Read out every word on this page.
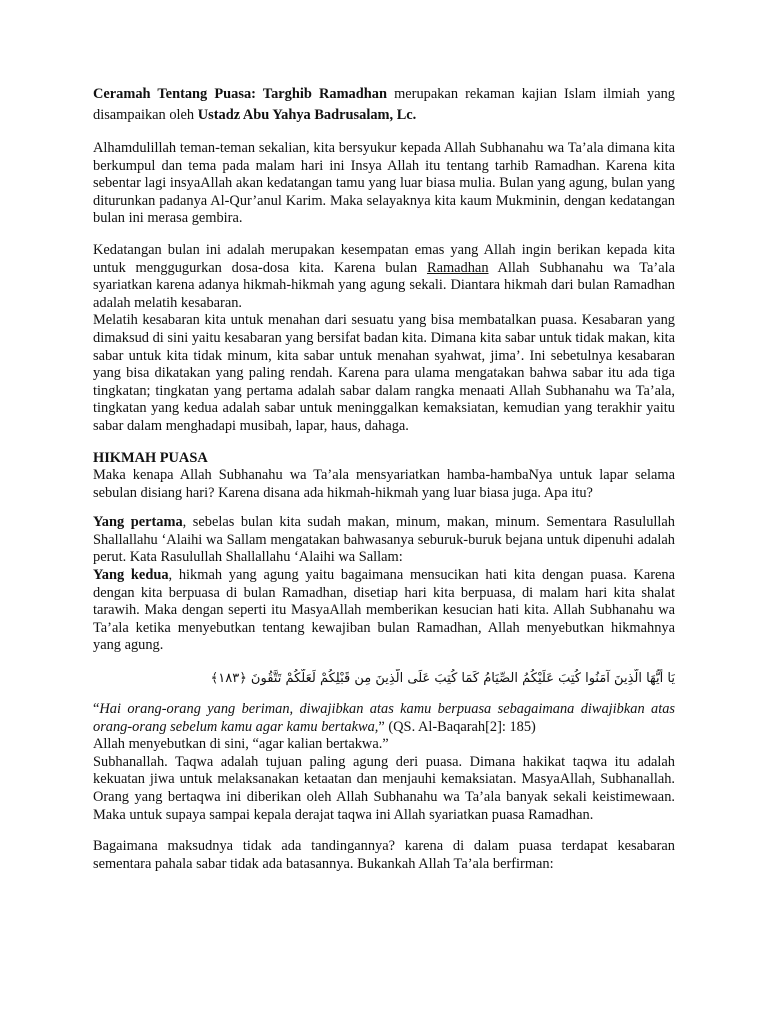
Ceramah Tentang Puasa: Targhib Ramadhan merupakan rekaman kajian Islam ilmiah yang disampaikan oleh Ustadz Abu Yahya Badrusalam, Lc.

Alhamdulillah teman-teman sekalian, kita bersyukur kepada Allah Subhanahu wa Ta’ala dimana kita berkumpul dan tema pada malam hari ini Insya Allah itu tentang tarhib Ramadhan. Karena kita sebentar lagi insyaAllah akan kedatangan tamu yang luar biasa mulia. Bulan yang agung, bulan yang diturunkan padanya Al-Qur’anul Karim. Maka selayaknya kita kaum Mukminin, dengan kedatangan bulan ini merasa gembira.

Kedatangan bulan ini adalah merupakan kesempatan emas yang Allah ingin berikan kepada kita untuk menggugurkan dosa-dosa kita. Karena bulan Ramadhan Allah Subhanahu wa Ta’ala syariatkan karena adanya hikmah-hikmah yang agung sekali. Diantara hikmah dari bulan Ramadhan adalah melatih kesabaran.

Melatih kesabaran kita untuk menahan dari sesuatu yang bisa membatalkan puasa. Kesabaran yang dimaksud di sini yaitu kesabaran yang bersifat badan kita. Dimana kita sabar untuk tidak makan, kita sabar untuk kita tidak minum, kita sabar untuk menahan syahwat, jima’. Ini sebetulnya kesabaran yang bisa dikatakan yang paling rendah. Karena para ulama mengatakan bahwa sabar itu ada tiga tingkatan; tingkatan yang pertama adalah sabar dalam rangka menaati Allah Subhanahu wa Ta’ala, tingkatan yang kedua adalah sabar untuk meninggalkan kemaksiatan, kemudian yang terakhir yaitu sabar dalam menghadapi musibah, lapar, haus, dahaga.

HIKMAH PUASA

Maka kenapa Allah Subhanahu wa Ta’ala mensyariatkan hamba-hambaNya untuk lapar selama sebulan disiang hari? Karena disana ada hikmah-hikmah yang luar biasa juga. Apa itu?

Yang pertama, sebelas bulan kita sudah makan, minum, makan, minum. Sementara Rasulullah Shallallahu ‘Alaihi wa Sallam mengatakan bahwasanya seburuk-buruk bejana untuk dipenuhi adalah perut. Kata Rasulullah Shallallahu ‘Alaihi wa Sallam:

Yang kedua, hikmah yang agung yaitu bagaimana mensucikan hati kita dengan puasa. Karena dengan kita berpuasa di bulan Ramadhan, disetiap hari kita berpuasa, di malam hari kita shalat tarawih. Maka dengan seperti itu MasyaAllah memberikan kesucian hati kita. Allah Subhanahu wa Ta’ala ketika menyebutkan tentang kewajiban bulan Ramadhan, Allah menyebutkan hikmahnya yang agung.

يَا أَيُّهَا الَّذِينَ آمَنُوا كُتِبَ عَلَيْكُمُ الصِّيَامُ كَمَا كُتِبَ عَلَى الَّذِينَ مِن قَبْلِكُمْ لَعَلَّكُمْ تَتَّقُونَ ﴿١٨٣﴾

“Hai orang-orang yang beriman, diwajibkan atas kamu berpuasa sebagaimana diwajibkan atas orang-orang sebelum kamu agar kamu bertakwa,” (QS. Al-Baqarah[2]: 185)

Allah menyebutkan di sini, “agar kalian bertakwa.”

Subhanallah. Taqwa adalah tujuan paling agung deri puasa. Dimana hakikat taqwa itu adalah kekuatan jiwa untuk melaksanakan ketaatan dan menjauhi kemaksiatan. MasyaAllah, Subhanallah. Orang yang bertaqwa ini diberikan oleh Allah Subhanahu wa Ta’ala banyak sekali keistimewaan. Maka untuk supaya sampai kepala derajat taqwa ini Allah syariatkan puasa Ramadhan.

Bagaimana maksudnya tidak ada tandingannya? karena di dalam puasa terdapat kesabaran sementara pahala sabar tidak ada batasannya. Bukankah Allah Ta’ala berfirman:
